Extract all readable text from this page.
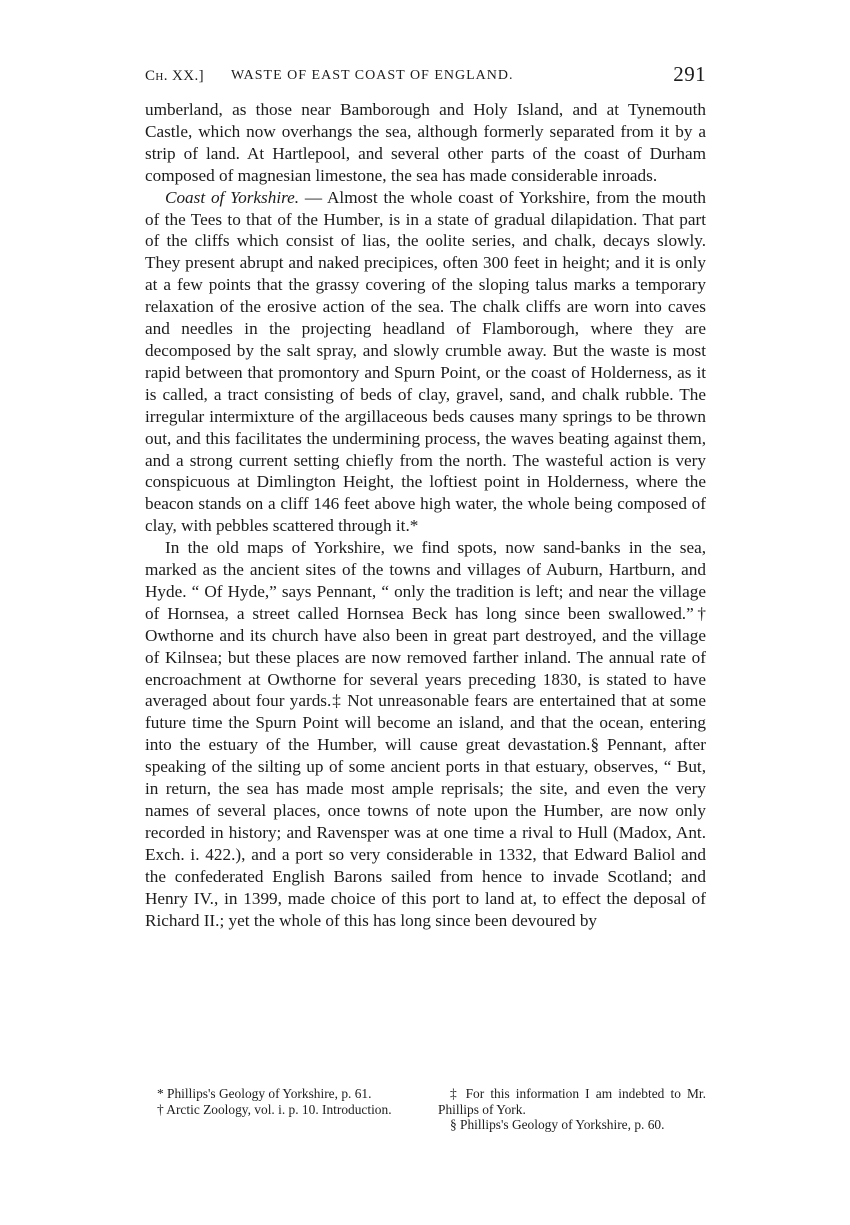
Ch. XX.] WASTE OF EAST COAST OF ENGLAND.	291

umberland, as those near Bamborough and Holy Island, and at Tynemouth Castle, which now overhangs the sea, although formerly separated from it by a strip of land. At Hartlepool, and several other parts of the coast of Durham composed of magnesian limestone, the sea has made considerable inroads.

Coast of Yorkshire. — Almost the whole coast of Yorkshire, from the mouth of the Tees to that of the Humber, is in a state of gradual dilapidation. That part of the cliffs which consist of lias, the oolite series, and chalk, decays slowly. They present abrupt and naked precipices, often 300 feet in height; and it is only at a few points that the grassy covering of the sloping talus marks a temporary relaxation of the erosive action of the sea. The chalk cliffs are worn into caves and needles in the projecting headland of Flamborough, where they are decomposed by the salt spray, and slowly crumble away. But the waste is most rapid between that promontory and Spurn Point, or the coast of Holderness, as it is called, a tract consisting of beds of clay, gravel, sand, and chalk rubble. The irregular intermixture of the argillaceous beds causes many springs to be thrown out, and this facilitates the undermining process, the waves beating against them, and a strong current setting chiefly from the north. The wasteful action is very conspicuous at Dimlington Height, the loftiest point in Holderness, where the beacon stands on a cliff 146 feet above high water, the whole being composed of clay, with pebbles scattered through it.*

In the old maps of Yorkshire, we find spots, now sand-banks in the sea, marked as the ancient sites of the towns and villages of Auburn, Hartburn, and Hyde. “ Of Hyde,” says Pennant, “ only the tradition is left; and near the village of Hornsea, a street called Hornsea Beck has long since been swallowed.”† Owthorne and its church have also been in great part destroyed, and the village of Kilnsea; but these places are now removed farther inland. The annual rate of encroachment at Owthorne for several years preceding 1830, is stated to have averaged about four yards.‡ Not unreasonable fears are entertained that at some future time the Spurn Point will become an island, and that the ocean, entering into the estuary of the Humber, will cause great devastation.§ Pennant, after speaking of the silting up of some ancient ports in that estuary, observes, “ But, in return, the sea has made most ample reprisals; the site, and even the very names of several places, once towns of note upon the Humber, are now only recorded in history; and Ravensper was at one time a rival to Hull (Madox, Ant. Exch. i. 422.), and a port so very considerable in 1332, that Edward Baliol and the confederated English Barons sailed from hence to invade Scotland; and Henry IV., in 1399, made choice of this port to land at, to effect the deposal of Richard II.; yet the whole of this has long since been devoured by

* Phillips's Geology of Yorkshire, p. 61.

† Arctic Zoology, vol. i. p. 10. Introduction.

‡ For this information I am indebted to Mr. Phillips of York.

§ Phillips's Geology of Yorkshire, p. 60.
